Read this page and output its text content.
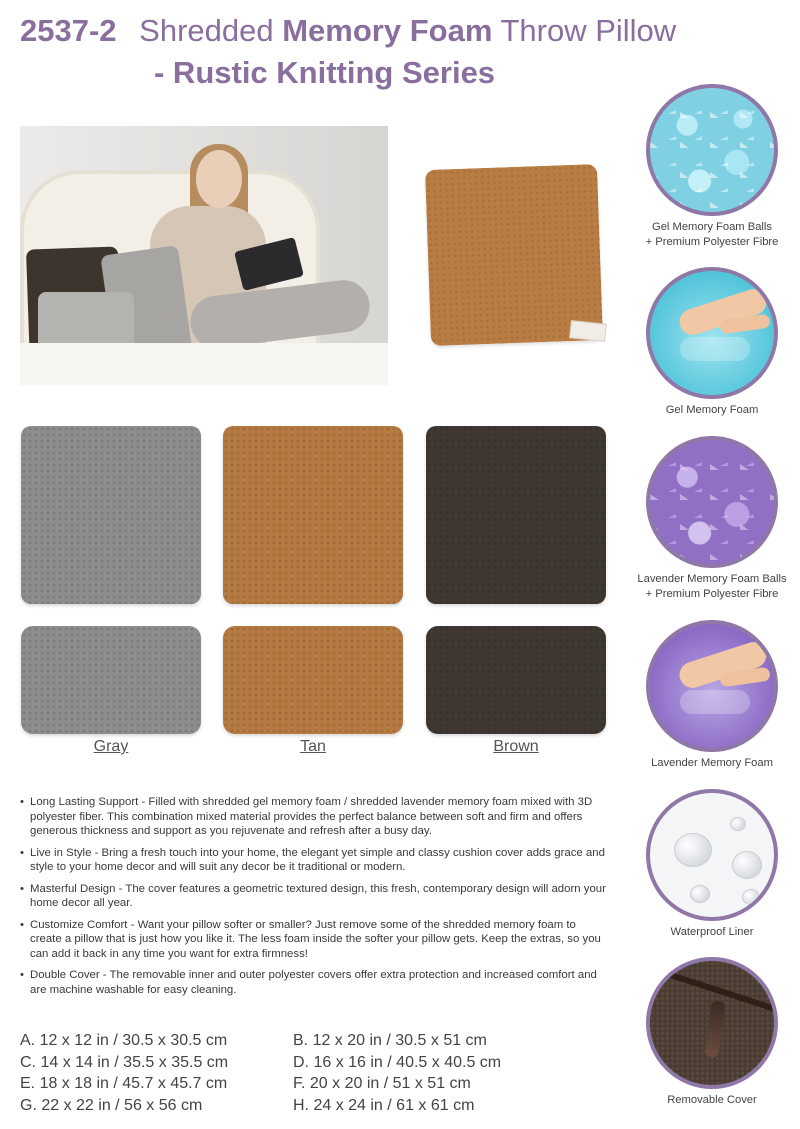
2537-2 Shredded Memory Foam Throw Pillow
- Rustic Knitting Series
Gray	Tan	Brown
• Long Lasting Support - Filled with shredded gel memory foam / shredded lavender memory foam mixed with 3D polyester fiber. This combination mixed material provides the perfect balance between soft and firm and offers generous thickness and support as you rejuvenate and refresh after a busy day.
• Live in Style - Bring a fresh touch into your home, the elegant yet simple and classy cushion cover adds grace and style to your home decor and will suit any decor be it traditional or modern.
• Masterful Design - The cover features a geometric textured design, this fresh, contemporary design will adorn your home decor all year.
• Customize Comfort - Want your pillow softer or smaller? Just remove some of the shredded memory foam to create a pillow that is just how you like it. The less foam inside the softer your pillow gets. Keep the extras, so you can add it back in any time you want for extra firmness!
• Double Cover - The removable inner and outer polyester covers offer extra protection and increased comfort and are machine washable for easy cleaning.
A. 12 x 12 in / 30.5 x 30.5 cm	B. 12 x 20 in / 30.5 x 51 cm
C. 14 x 14 in / 35.5 x 35.5 cm	D. 16 x 16 in / 40.5 x 40.5 cm
E. 18 x 18 in / 45.7 x 45.7 cm	F. 20 x 20 in / 51 x 51 cm
G. 22 x 22 in / 56 x 56 cm	H. 24 x 24 in / 61 x 61 cm
Gel Memory Foam Balls
+ Premium Polyester Fibre
Gel Memory Foam
Lavender Memory Foam Balls
+ Premium Polyester Fibre
Lavender Memory Foam
Waterproof Liner
Removable Cover
